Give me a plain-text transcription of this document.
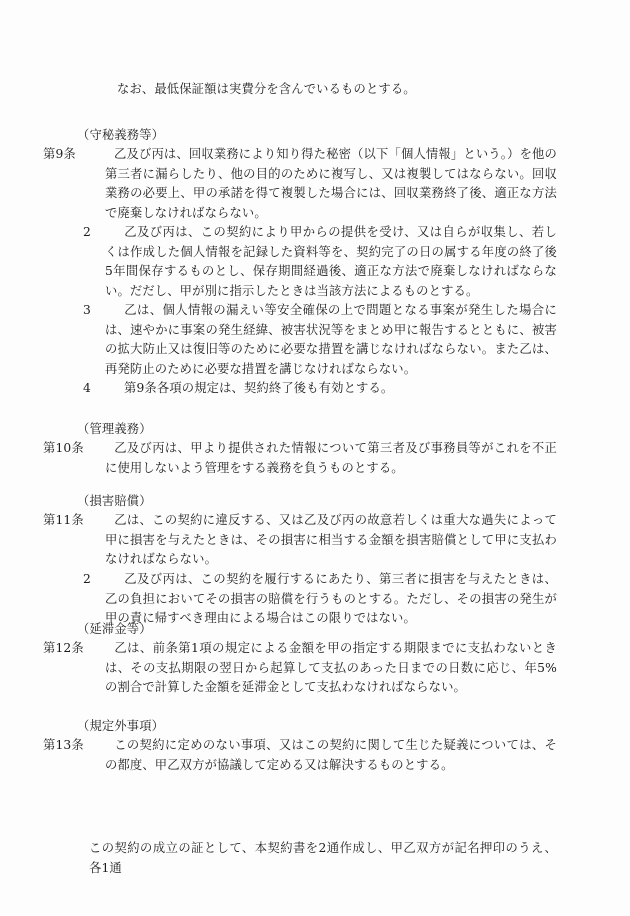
なお、最低保証額は実費分を含んでいるものとする。
（守秘義務等）
第9条	乙及び丙は、回収業務により知り得た秘密（以下「個人情報」という。）を他の第三者に漏らしたり、他の目的のために複写し、又は複製してはならない。回収業務の必要上、甲の承諾を得て複製した場合には、回収業務終了後、適正な方法で廃棄しなければならない。
2	乙及び丙は、この契約により甲からの提供を受け、又は自らが収集し、若しくは作成した個人情報を記録した資料等を、契約完了の日の属する年度の終了後5年間保存するものとし、保存期間経過後、適正な方法で廃棄しなければならない。だだし、甲が別に指示したときは当該方法によるものとする。
3	乙は、個人情報の漏えい等安全確保の上で問題となる事案が発生した場合には、速やかに事案の発生経緯、被害状況等をまとめ甲に報告するとともに、被害の拡大防止又は復旧等のために必要な措置を講じなければならない。また乙は、再発防止のために必要な措置を講じなければならない。
4	第9条各項の規定は、契約終了後も有効とする。
（管理義務）
第10条 乙及び丙は、甲より提供された情報について第三者及び事務員等がこれを不正に使用しないよう管理をする義務を負うものとする。
（損害賠償）
第11条 乙は、この契約に違反する、又は乙及び丙の故意若しくは重大な過失によって甲に損害を与えたときは、その損害に相当する金額を損害賠償として甲に支払わなければならない。
2	乙及び丙は、この契約を履行するにあたり、第三者に損害を与えたときは、乙の負担においてその損害の賠償を行うものとする。ただし、その損害の発生が甲の責に帰すべき理由による場合はこの限りではない。
（延滞金等）
第12条 乙は、前条第1項の規定による金額を甲の指定する期限までに支払わないときは、その支払期限の翌日から起算して支払のあった日までの日数に応じ、年5%の割合で計算した金額を延滞金として支払わなければならない。
（規定外事項）
第13条 この契約に定めのない事項、又はこの契約に関して生じた疑義については、その都度、甲乙双方が協議して定める又は解決するものとする。
この契約の成立の証として、本契約書を2通作成し、甲乙双方が記名押印のうえ、各1通
